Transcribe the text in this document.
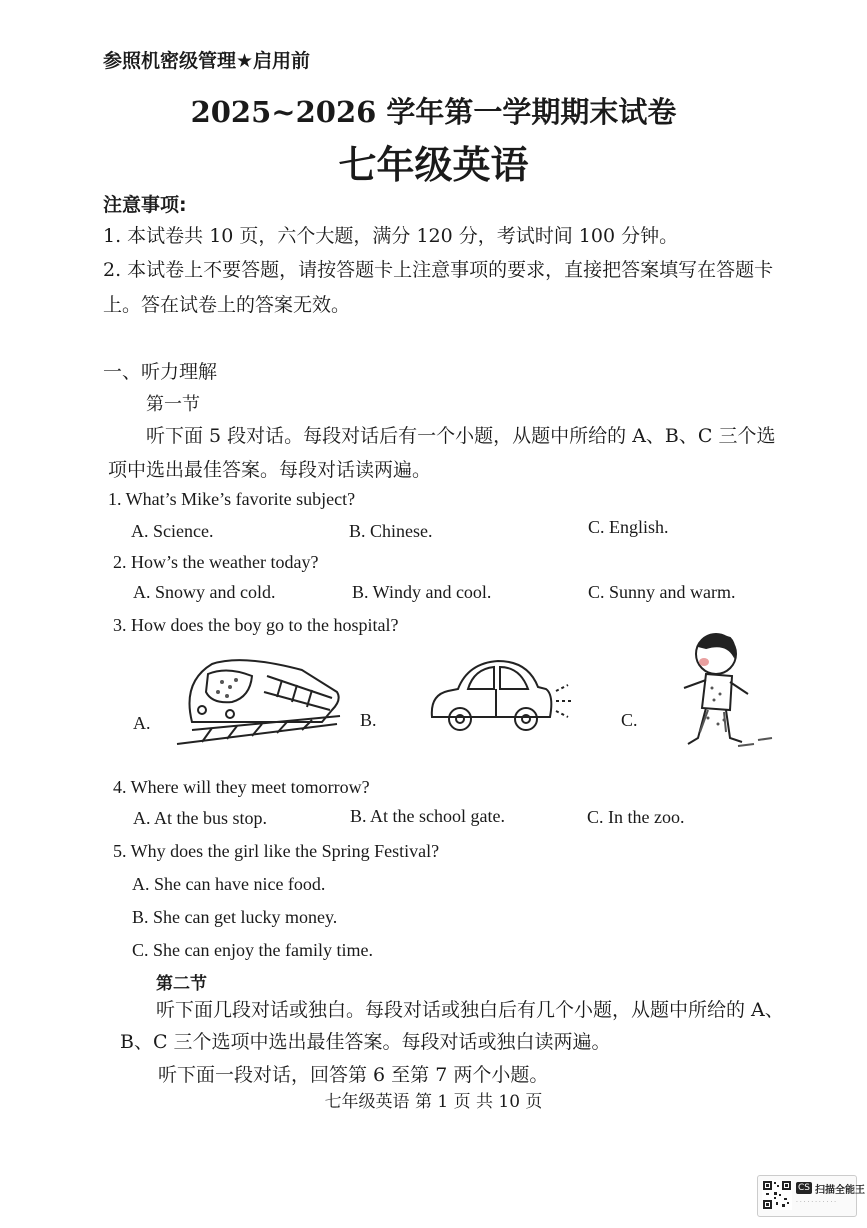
参照机密级管理★启用前
2025~2026 学年第一学期期末试卷
七年级英语
注意事项:
1. 本试卷共 10 页，六个大题，满分 120 分，考试时间 100 分钟。
2. 本试卷上不要答题，请按答题卡上注意事项的要求，直接把答案填写在答题卡
上。答在试卷上的答案无效。
一、听力理解
第一节
听下面 5 段对话。每段对话后有一个小题，从题中所给的 A、B、C 三个选
项中选出最佳答案。每段对话读两遍。
1. What’s Mike’s favorite subject?
A. Science.	B. Chinese.	C. English.
2. How’s the weather today?
A. Snowy and cold.	B. Windy and cool.	C. Sunny and warm.
3. How does the boy go to the hospital?
A.	B.	C.
4. Where will they meet tomorrow?
A. At the bus stop.	B. At the school gate.	C. In the zoo.
5. Why does the girl like the Spring Festival?
A. She can have nice food.
B. She can get lucky money.
C. She can enjoy the family time.
第二节
听下面几段对话或独白。每段对话或独白后有几个小题，从题中所给的 A、
B、C 三个选项中选出最佳答案。每段对话或独白读两遍。
听下面一段对话，回答第 6 至第 7 两个小题。
七年级英语 第 1 页 共 10 页
CS 扫描全能王
· · · · · · · · · · ·
